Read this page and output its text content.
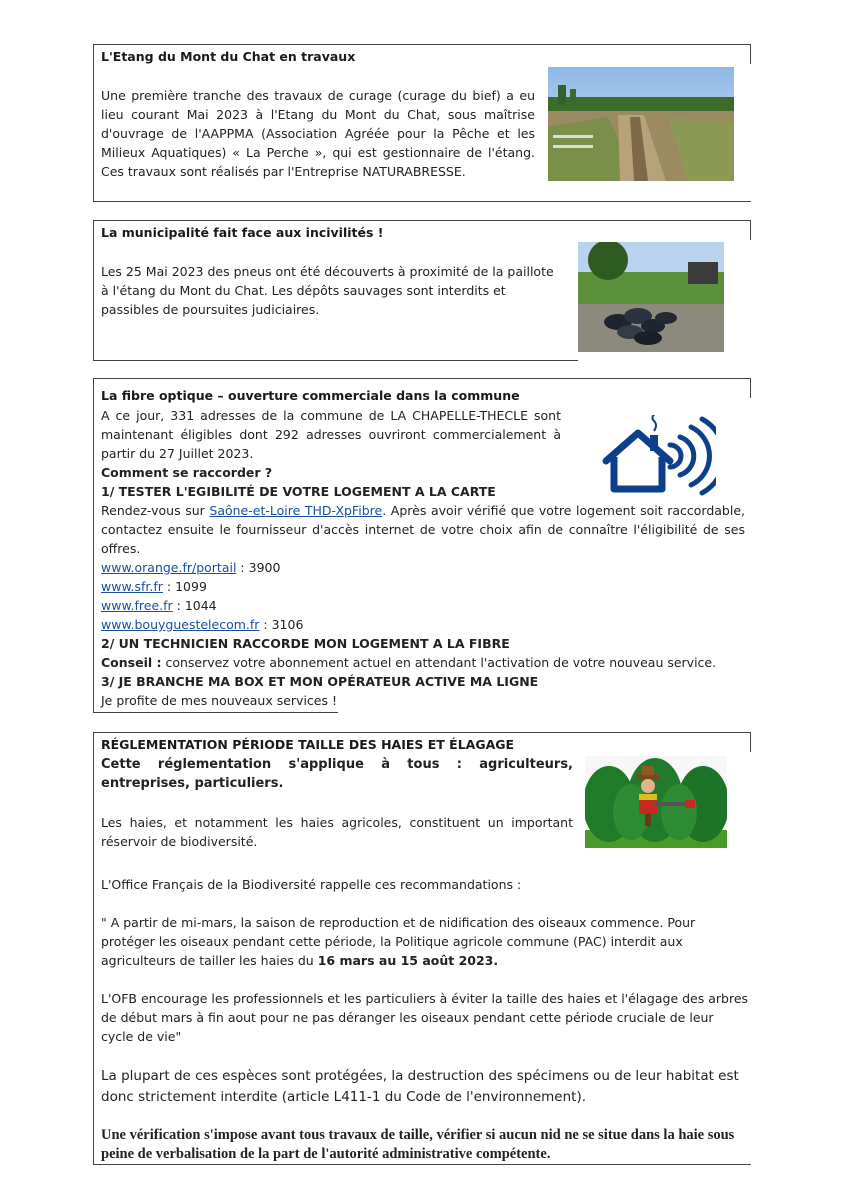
L'Etang du Mont du Chat en travaux
Une première tranche des travaux de curage (curage du bief) a eu lieu courant Mai 2023 à l'Etang du Mont du Chat, sous maîtrise d'ouvrage de l'AAPPMA (Association Agréée pour la Pêche et les Milieux Aquatiques) « La Perche », qui est gestionnaire de l'étang. Ces travaux sont réalisés par l'Entreprise NATURABRESSE.
La municipalité fait face aux incivilités !
Les 25 Mai 2023 des pneus ont été découverts à proximité de la paillote à l'étang du Mont du Chat. Les dépôts sauvages sont interdits et passibles de poursuites judiciaires.
La fibre optique – ouverture commerciale dans la commune
A ce jour, 331 adresses de la commune de LA CHAPELLE-THECLE sont maintenant éligibles dont 292 adresses ouvriront commercialement à partir du 27 Juillet 2023.
Comment se raccorder ?
1/ TESTER L'EGIBILITÉ DE VOTRE LOGEMENT A LA CARTE
Rendez-vous sur Saône-et-Loire THD-XpFibre. Après avoir vérifié que votre logement soit raccordable, contactez ensuite le fournisseur d'accès internet de votre choix afin de connaître l'éligibilité de ses offres.
www.orange.fr/portail : 3900
www.sfr.fr : 1099
www.free.fr : 1044
www.bouyguestelecom.fr : 3106
2/ UN TECHNICIEN RACCORDE MON LOGEMENT A LA FIBRE
Conseil : conservez votre abonnement actuel en attendant l'activation de votre nouveau service.
3/ JE BRANCHE MA BOX ET MON OPÉRATEUR ACTIVE MA LIGNE
Je profite de mes nouveaux services !
RÉGLEMENTATION PÉRIODE TAILLE DES HAIES ET ÉLAGAGE
Cette réglementation s'applique à tous : agriculteurs, entreprises, particuliers.
Les haies, et notamment les haies agricoles, constituent un important réservoir de biodiversité.
L'Office Français de la Biodiversité rappelle ces recommandations :
" A partir de mi-mars, la saison de reproduction et de nidification des oiseaux commence. Pour protéger les oiseaux pendant cette période, la Politique agricole commune (PAC) interdit aux agriculteurs de tailler les haies du 16 mars au 15 août 2023.
L'OFB encourage les professionnels et les particuliers à éviter la taille des haies et l'élagage des arbres de début mars à fin aout pour ne pas déranger les oiseaux pendant cette période cruciale de leur cycle de vie"
La plupart de ces espèces sont protégées, la destruction des spécimens ou de leur habitat est donc strictement interdite (article L411-1 du Code de l'environnement).
Une vérification s'impose avant tous travaux de taille, vérifier si aucun nid ne se situe dans la haie sous peine de verbalisation de la part de l'autorité administrative compétente.
